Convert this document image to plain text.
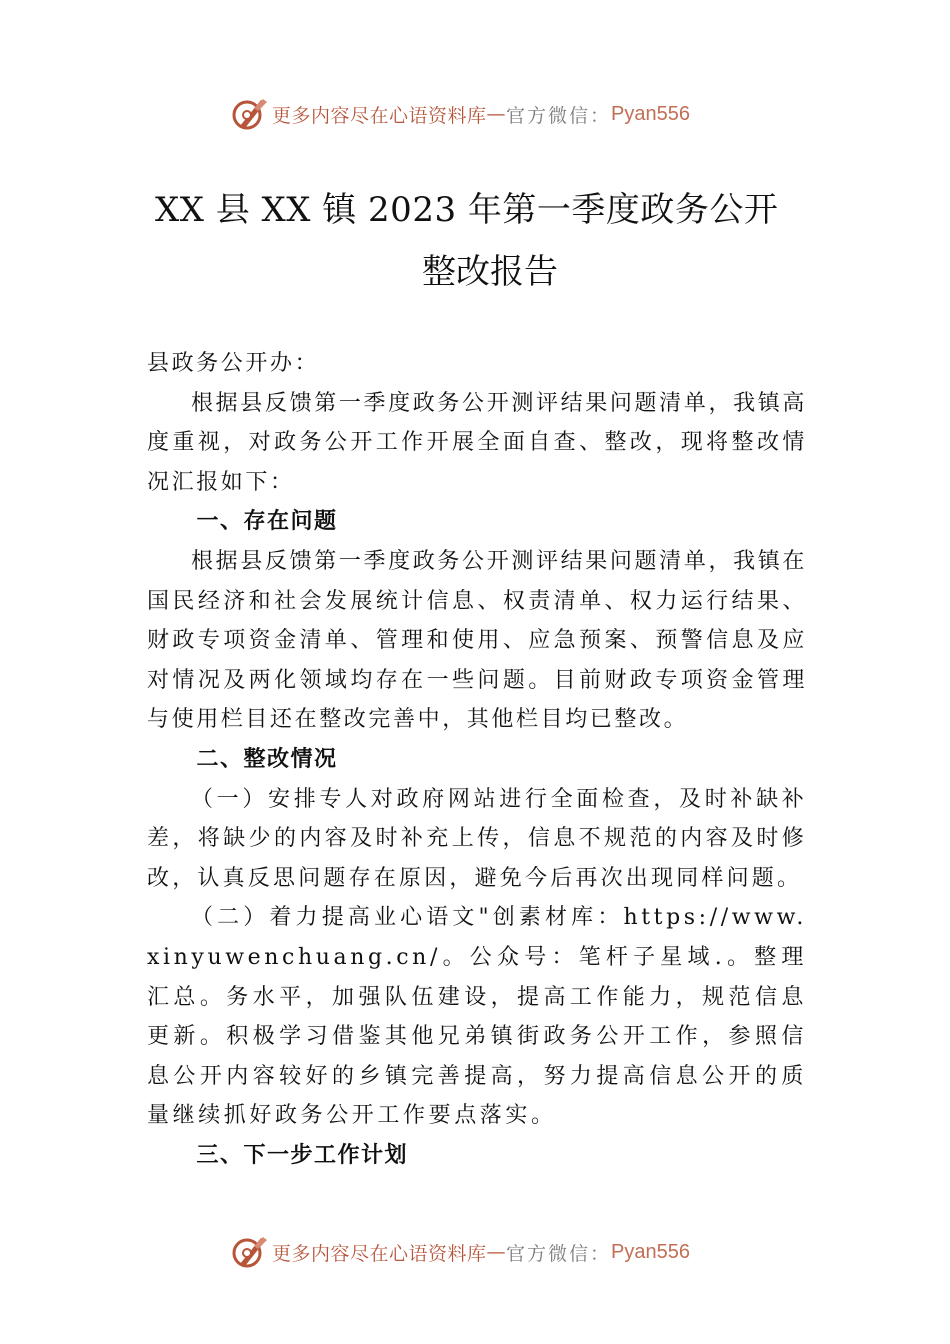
更多内容尽在心语资料库 — 官方微信： Pyan556
XX 县 XX 镇 2023 年第一季度政务公开
整改报告

县政务公开办：

根据县反馈第一季度政务公开测评结果问题清单，我镇高度重视，对政务公开工作开展全面自查、整改，现将整改情况汇报如下：

一、存在问题

根据县反馈第一季度政务公开测评结果问题清单，我镇在国民经济和社会发展统计信息、权责清单、权力运行结果、财政专项资金清单、管理和使用、应急预案、预警信息及应对情况及两化领域均存在一些问题。目前财政专项资金管理与使用栏目还在整改完善中，其他栏目均已整改。

二、整改情况

（一）安排专人对政府网站进行全面检查，及时补缺补差，将缺少的内容及时补充上传，信息不规范的内容及时修改，认真反思问题存在原因，避免今后再次出现同样问题。

（二）着力提高业心语文"创素材库：https://www.xinyuwenchuang.cn/。公众号：笔杆子星域.。整理汇总。务水平，加强队伍建设，提高工作能力，规范信息更新。积极学习借鉴其他兄弟镇街政务公开工作，参照信息公开内容较好的乡镇完善提高，努力提高信息公开的质量继续抓好政务公开工作要点落实。

三、下一步工作计划

更多内容尽在心语资料库 — 官方微信： Pyan556
